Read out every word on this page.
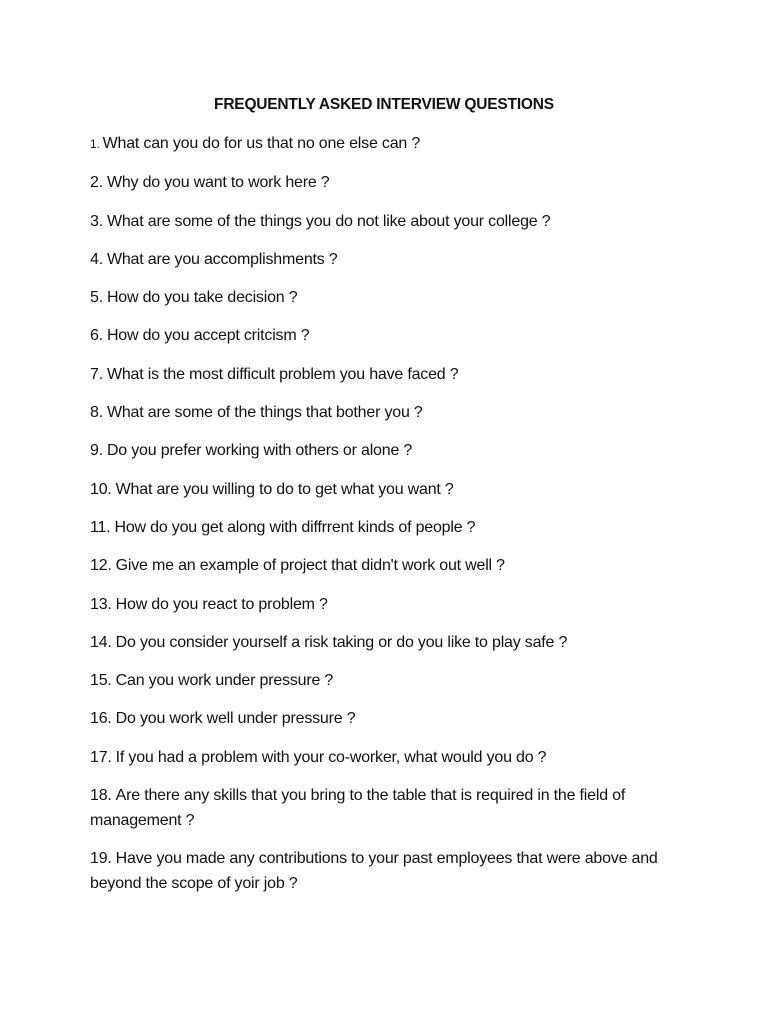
FREQUENTLY ASKED INTERVIEW QUESTIONS
1. What can you do for us that no one else can ?
2. Why do you want to work here ?
3. What are some of the things you do not like about your college ?
4. What are you accomplishments ?
5. How do you take decision ?
6. How do you accept critcism ?
7. What is the most difficult problem you have faced ?
8. What are some of the things that bother you ?
9. Do you prefer working with others or alone ?
10. What are you willing to do to get what you want ?
11. How do you get along with diffrrent kinds of people ?
12. Give me an example of project that didn't work out well ?
13. How do you react to problem ?
14. Do you consider yourself a risk taking or do you like to play safe ?
15. Can you work under pressure ?
16. Do you work well under pressure ?
17. If you had a problem with your co-worker, what would you do ?
18. Are there any skills that you bring to the table that is required in the field of management ?
19. Have you made any contributions to your past employees that were above and beyond the scope of yoir job ?
